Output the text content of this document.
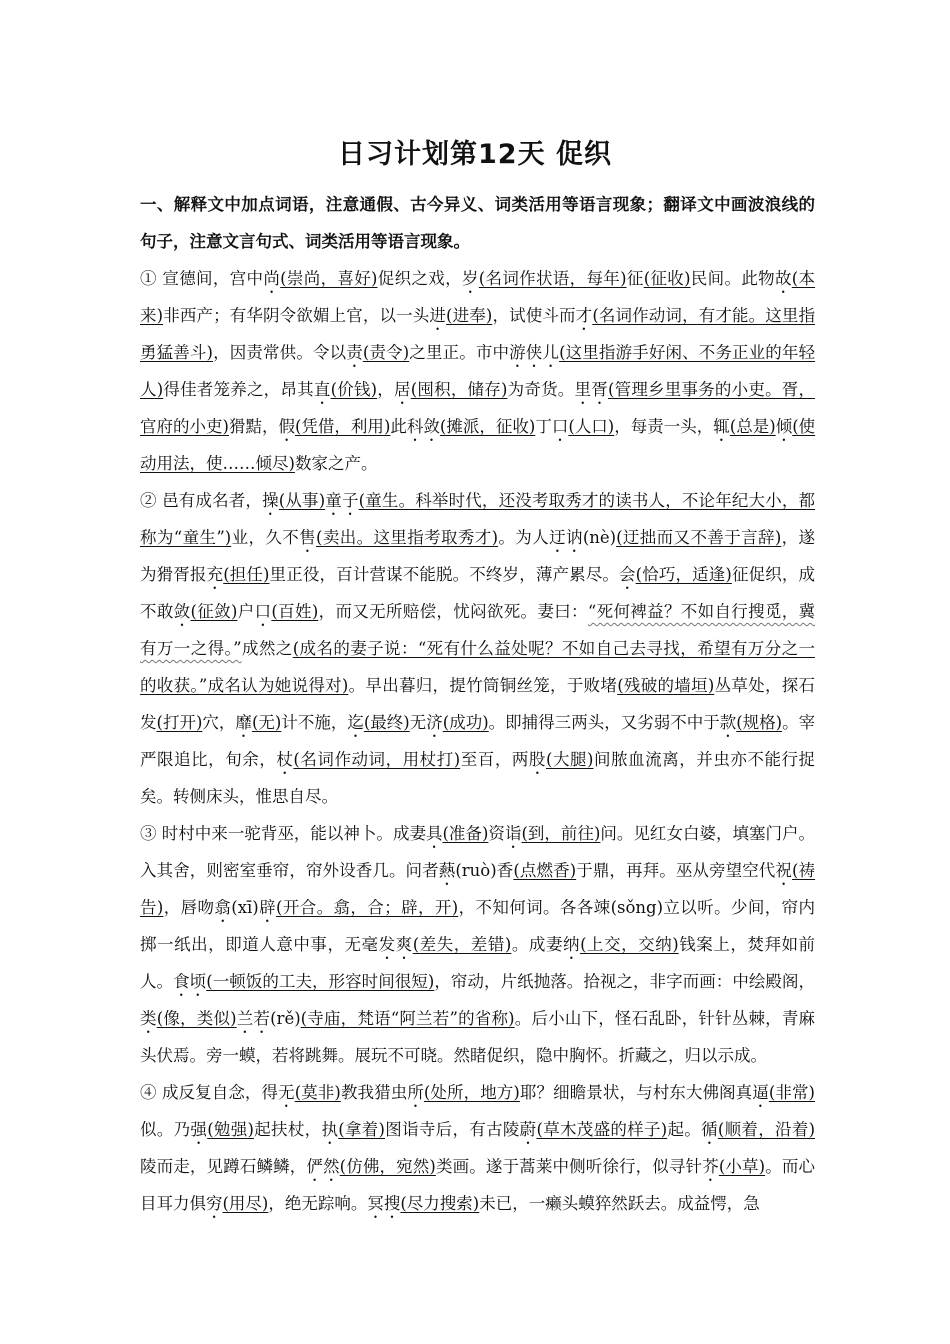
日习计划第12天 促织

一、解释文中加点词语，注意通假、古今异义、词类活用等语言现象；翻译文中画波浪线的句子，注意文言句式、词类活用等语言现象。

① 宣德间，宫中尚(崇尚，喜好)促织之戏，岁(名词作状语，每年)征(征收)民间。此物故(本来)非西产；有华阴令欲媚上官，以一头进(进奉)，试使斗而才(名词作动词，有才能。这里指勇猛善斗)，因责常供。令以责(责令)之里正。市中游侠儿(这里指游手好闲、不务正业的年轻人)得佳者笼养之，昂其直(价钱)，居(囤积，储存)为奇货。里胥(管理乡里事务的小吏。胥，官府的小吏)猾黠，假(凭借，利用)此科敛(摊派，征收)丁口(人口)，每责一头，辄(总是)倾(使动用法，使……倾尽)数家之产。

② 邑有成名者，操(从事)童子(童生。科举时代，还没考取秀才的读书人，不论年纪大小，都称为“童生”)业，久不售(卖出。这里指考取秀才)。为人迂讷(nè)(迂拙而又不善于言辞)，遂为猾胥报充(担任)里正役，百计营谋不能脱。不终岁，薄产累尽。会(恰巧，适逢)征促织，成不敢敛(征敛)户口(百姓)，而又无所赔偿，忧闷欲死。妻曰：“死何裨益？不如自行搜觅，冀有万一之得。”成然之(成名的妻子说：“死有什么益处呢？不如自己去寻找，希望有万分之一的收获。”成名认为她说得对)。早出暮归，提竹筒铜丝笼，于败堵(残破的墙垣)丛草处，探石发(打开)穴，靡(无)计不施，迄(最终)无济(成功)。即捕得三两头，又劣弱不中于款(规格)。宰严限追比，旬余，杖(名词作动词，用杖打)至百，两股(大腿)间脓血流离，并虫亦不能行捉矣。转侧床头，惟思自尽。

③ 时村中来一驼背巫，能以神卜。成妻具(准备)资诣(到，前往)问。见红女白婆，填塞门户。入其舍，则密室垂帘，帘外设香几。问者爇(ruò)香(点燃香)于鼎，再拜。巫从旁望空代祝(祷告)，唇吻翕(xī)辟(开合。翕，合；辟，开)，不知何词。各各竦(sǒng)立以听。少间，帘内掷一纸出，即道人意中事，无毫发爽(差失，差错)。成妻纳(上交，交纳)钱案上，焚拜如前人。食顷(一顿饭的工夫，形容时间很短)，帘动，片纸抛落。拾视之，非字而画：中绘殿阁，类(像，类似)兰若(rě)(寺庙，梵语“阿兰若”的省称)。后小山下，怪石乱卧，针针丛棘，青麻头伏焉。旁一蟆，若将跳舞。展玩不可晓。然睹促织，隐中胸怀。折藏之，归以示成。

④ 成反复自念，得无(莫非)教我猎虫所(处所，地方)耶？细瞻景状，与村东大佛阁真逼(非常)似。乃强(勉强)起扶杖，执(拿着)图诣寺后，有古陵蔚(草木茂盛的样子)起。循(顺着，沿着)陵而走，见蹲石鳞鳞，俨然(仿佛，宛然)类画。遂于蒿莱中侧听徐行，似寻针芥(小草)。而心目耳力俱穷(用尽)，绝无踪响。冥搜(尽力搜索)未已，一癞头蟆猝然跃去。成益愕，急
